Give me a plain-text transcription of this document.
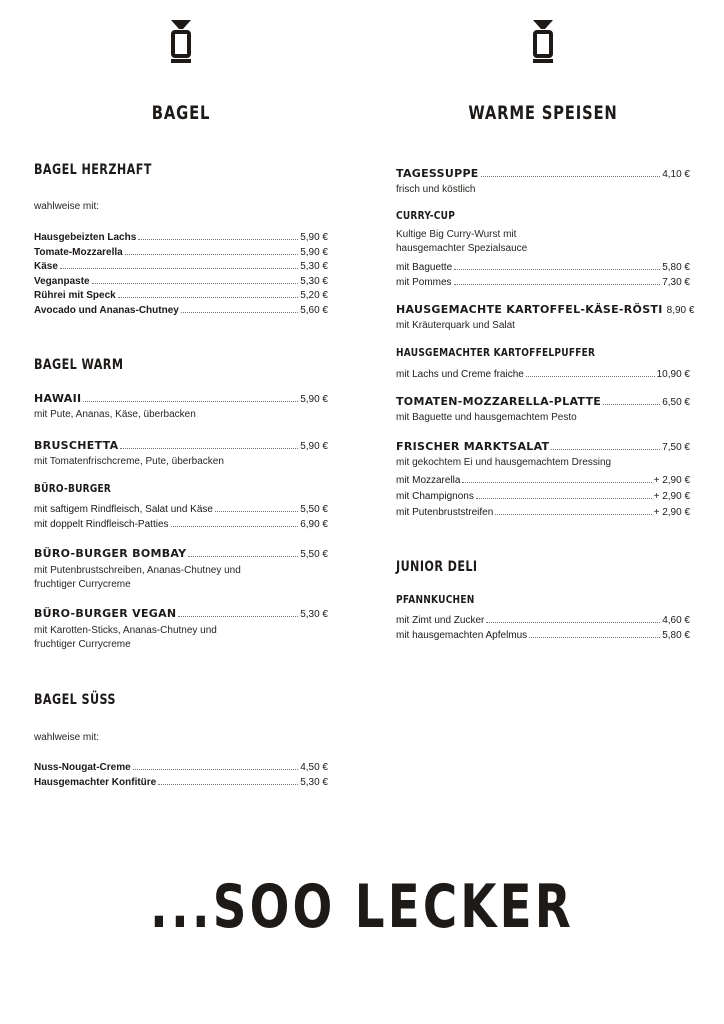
BAGEL
BAGEL HERZHAFT
wahlweise mit:
Hausgebeizten Lachs	5,90 €
Tomate-Mozzarella	5,90 €
Käse	5,30 €
Veganpaste	5,30 €
Rührei mit Speck	5,20 €
Avocado und Ananas-Chutney	5,60 €
BAGEL WARM
HAWAII	5,90 €
mit Pute, Ananas, Käse, überbacken
BRUSCHETTA	5,90 €
mit Tomatenfrischcreme, Pute, überbacken
BÜRO-BURGER
mit saftigem Rindfleisch, Salat und Käse	5,50 €
mit doppelt Rindfleisch-Patties	6,90 €
BÜRO-BURGER BOMBAY	5,50 €
mit Putenbrustschreiben, Ananas-Chutney und
fruchtiger Currycreme
BÜRO-BURGER VEGAN	5,30 €
mit Karotten-Sticks, Ananas-Chutney und
fruchtiger Currycreme
BAGEL SÜSS
wahlweise mit:
Nuss-Nougat-Creme	4,50 €
Hausgemachter Konfitüre	5,30 €
WARME SPEISEN
TAGESSUPPE	4,10 €
frisch und köstlich
CURRY-CUP
Kultige Big Curry-Wurst mit
hausgemachter Spezialsauce
mit Baguette	5,80 €
mit Pommes	7,30 €
HAUSGEMACHTE KARTOFFEL-KÄSE-RÖSTI 8,90 €
mit Kräuterquark und Salat
HAUSGEMACHTER KARTOFFELPUFFER
mit Lachs und Creme fraiche	10,90 €
TOMATEN-MOZZARELLA-PLATTE	6,50 €
mit Baguette und hausgemachtem Pesto
FRISCHER MARKTSALAT	7,50 €
mit gekochtem Ei und hausgemachtem Dressing
mit Mozzarella	+ 2,90 €
mit Champignons	+ 2,90 €
mit Putenbruststreifen	+ 2,90 €
JUNIOR DELI
PFANNKUCHEN
mit Zimt und Zucker	4,60 €
mit hausgemachten Apfelmus	5,80 €
...SOO LECKER
